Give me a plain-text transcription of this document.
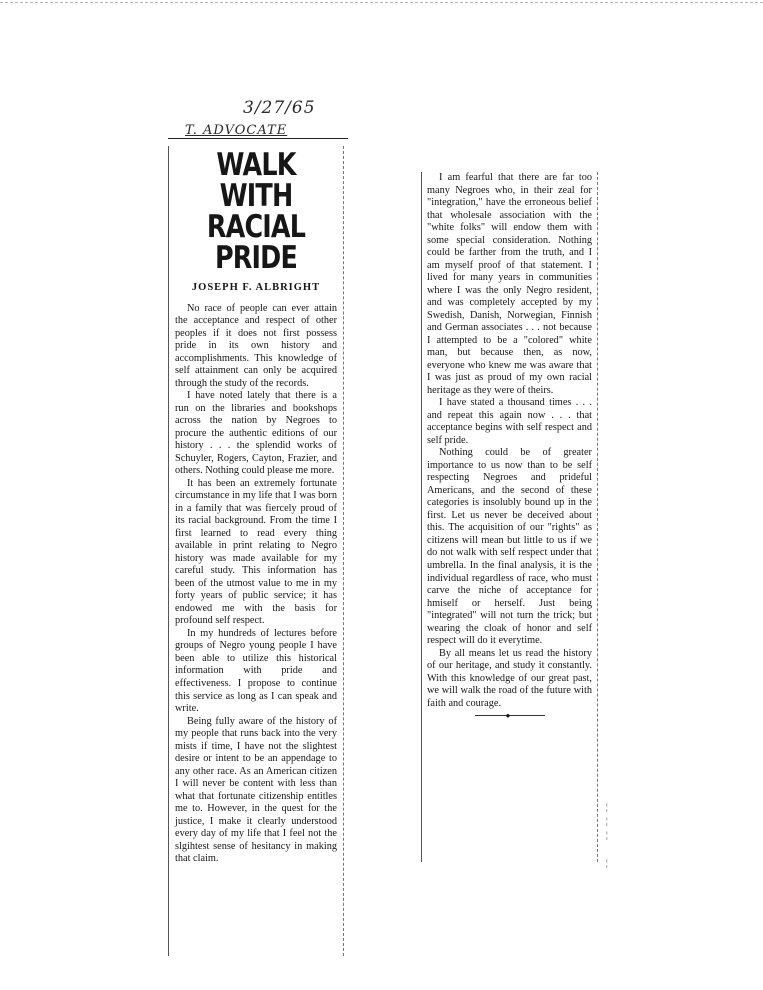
3/27/65
T. ADVOCATE
WALK WITH RACIAL PRIDE
JOSEPH F. ALBRIGHT

No race of people can ever attain the acceptance and respect of other peoples if it does not first possess pride in its own history and accomplishments. This knowledge of self attainment can only be acquired through the study of the records.

I have noted lately that there is a run on the libraries and bookshops across the nation by Negroes to procure the authentic editions of our history . . . the splendid works of Schuyler, Rogers, Cayton, Frazier, and others. Nothing could please me more.

It has been an extremely fortunate circumstance in my life that I was born in a family that was fiercely proud of its racial background. From the time I first learned to read every thing available in print relating to Negro history was made available for my careful study. This information has been of the utmost value to me in my forty years of public service; it has endowed me with the basis for profound self respect.

In my hundreds of lectures before groups of Negro young people I have been able to utilize this historical information with pride and effectiveness. I propose to continue this service as long as I can speak and write.

Being fully aware of the history of my people that runs back into the very mists if time, I have not the slightest desire or intent to be an appendage to any other race. As an American citizen I will never be content with less than what that fortunate citizenship entitles me to. However, in the quest for the justice, I make it clearly understood every day of my life that I feel not the slgihtest sense of hesitancy in making that claim.

I am fearful that there are far too many Negroes who, in their zeal for "integration," have the erroneous belief that wholesale association with the "white folks" will endow them with some special consideration. Nothing could be farther from the truth, and I am myself proof of that statement. I lived for many years in communities where I was the only Negro resident, and was completely accepted by my Swedish, Danish, Norwegian, Finnish and German associates . . . not because I attempted to be a "colored" white man, but because then, as now, everyone who knew me was aware that I was just as proud of my own racial heritage as they were of theirs.

I have stated a thousand times . . . and repeat this again now . . . that acceptance begins with self respect and self pride.

Nothing could be of greater importance to us now than to be self respecting Negroes and prideful Americans, and the second of these categories is insolubly bound up in the first. Let us never be deceived about this. The acquisition of our "rights" as citizens will mean but little to us if we do not walk with self respect under that umbrella. In the final analysis, it is the individual regardless of race, who must carve the niche of acceptance for hmiself or herself. Just being "integrated" will not turn the trick; but wearing the cloak of honor and self respect will do it everytime.

By all means let us read the history of our heritage, and study it constantly. With this knowledge of our great past, we will walk the road of the future with faith and courage.

●
¦
¦
¦

¦
